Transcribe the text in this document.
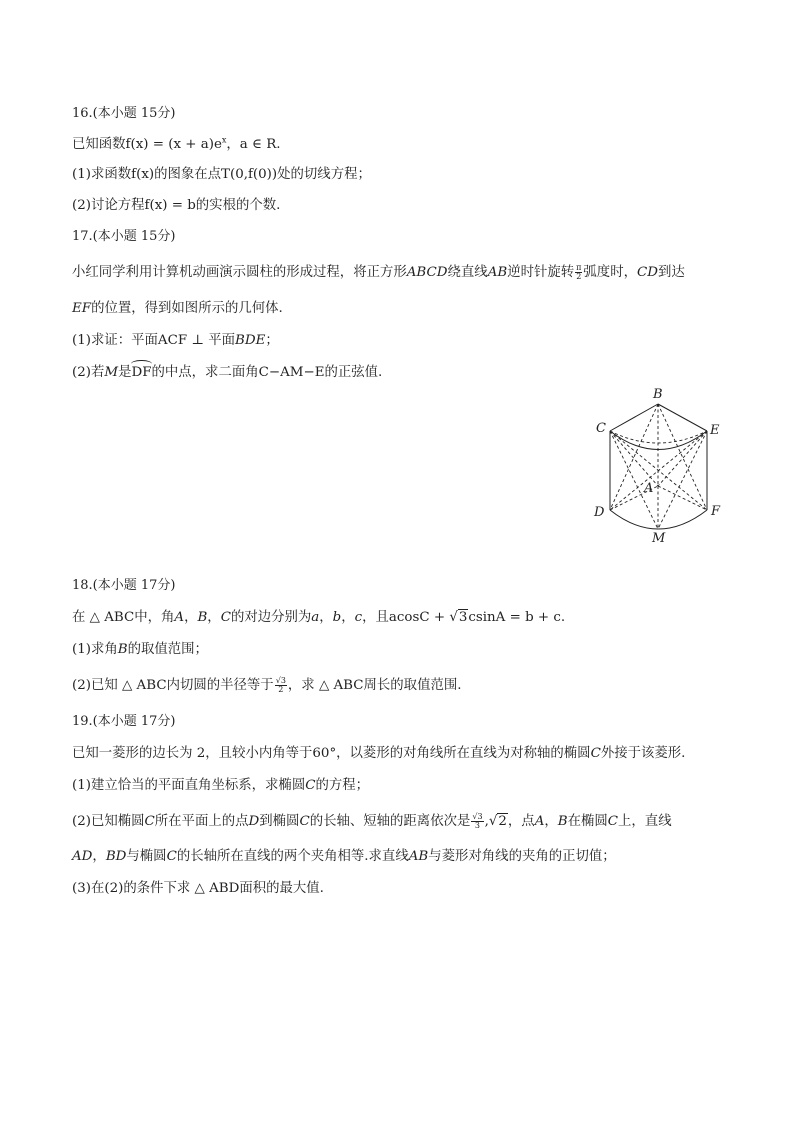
16.(本小题 15分)
已知函数$f(x) = (x + a)e^x$，a ∈ R.
(1)求函数f(x)的图象在点T(0,f(0))处的切线方程；
(2)讨论方程f(x) = b的实根的个数.
17.(本小题 15分)
小红同学利用计算机动画演示圆柱的形成过程，将正方形ABCD绕直线AB逆时针旋转 $\frac{\pi}{2}$ 弧度时，CD到达
EF的位置，得到如图所示的几何体.
(1)求证：平面ACF ⊥ 平面BDE；
(2)若M是DF的中点，求二面角C−AM−E的正弦值.
B
C	E
A
D	F
M
18.(本小题 17分)
在 △ ABC中，角A，B，C的对边分别为a，b，c，且acosC + √3csinA = b + c.
(1)求角B的取值范围；
(2)已知 △ ABC内切圆的半径等于 $\frac{√3}{2}$ ，求 △ ABC周长的取值范围.
19.(本小题 17分)
已知一菱形的边长为 2，且较小内角等于60°，以菱形的对角线所在直线为对称轴的椭圆C外接于该菱形.
(1)建立恰当的平面直角坐标系，求椭圆C的方程；
(2)已知椭圆C所在平面上的点D到椭圆C的长轴、短轴的距离依次是 $\frac{√3}{3} ,√2$，点A，B在椭圆C上，直线
AD，BD与椭圆C的长轴所在直线的两个夹角相等.求直线AB与菱形对角线的夹角的正切值；
(3)在(2)的条件下求 △ ABD面积的最大值.
